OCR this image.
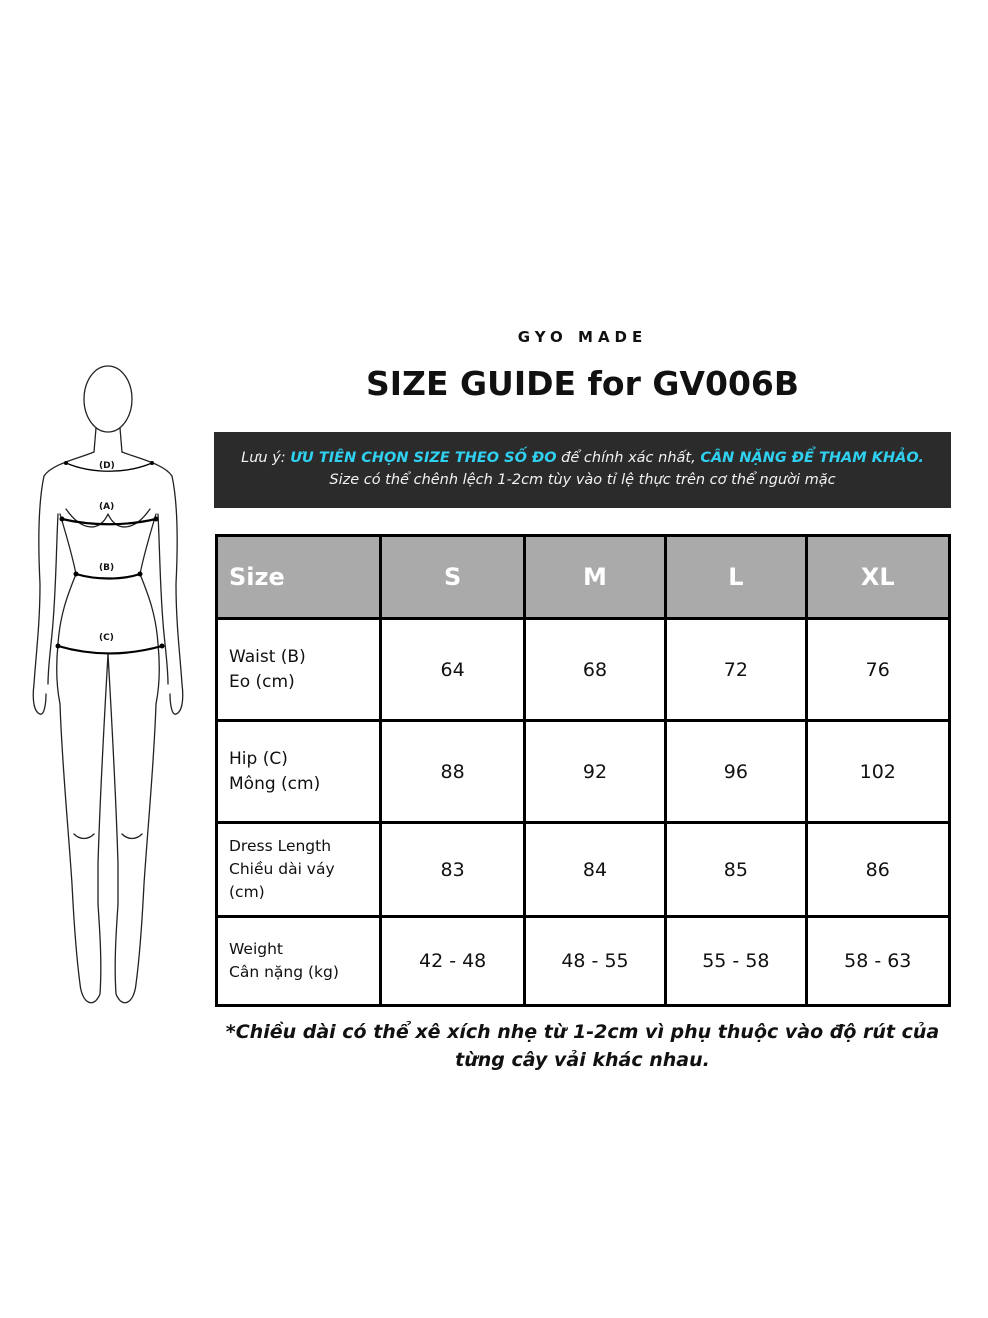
(D)
(A)
(B)
(C)
GYO MADE
SIZE GUIDE for GV006B
Lưu ý: ƯU TIÊN CHỌN SIZE THEO SỐ ĐO để chính xác nhất, CÂN NẶNG ĐỂ THAM KHẢO.
Size có thể chênh lệch 1-2cm tùy vào tỉ lệ thực trên cơ thể người mặc
Size	S	M	L	XL

Waist (B)
Eo (cm)	64	68	72	76

Hip (C)
Mông (cm)	88	92	96	102

Dress Length
Chiều dài váy
(cm)	83	84	85	86

Weight
Cân nặng (kg)	42 - 48	48 - 55	55 - 58	58 - 63
*Chiều dài có thể xê xích nhẹ từ 1-2cm vì phụ thuộc vào độ rút của
từng cây vải khác nhau.
